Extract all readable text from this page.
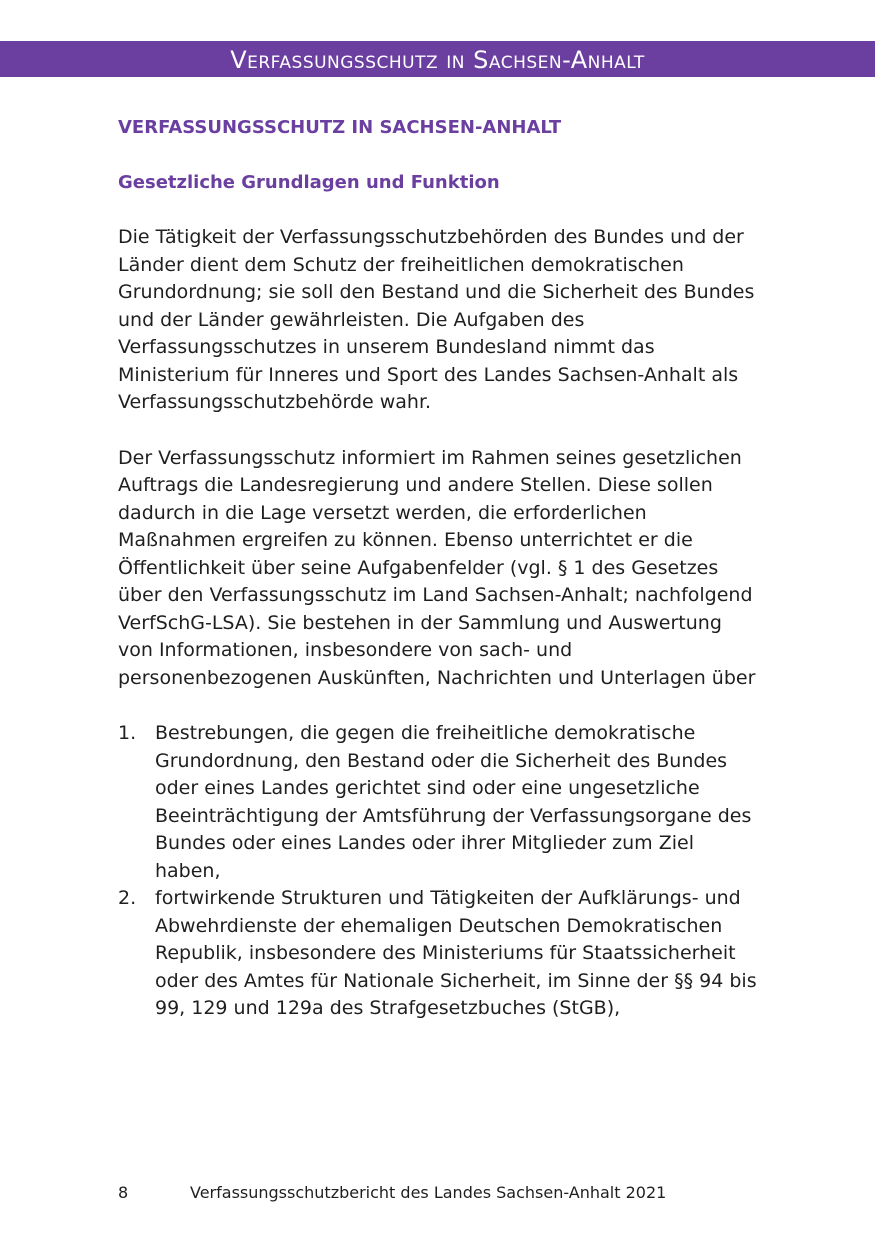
Verfassungsschutz in Sachsen-Anhalt
VERFASSUNGSSCHUTZ IN SACHSEN-ANHALT
Gesetzliche Grundlagen und Funktion

Die Tätigkeit der Verfassungsschutzbehörden des Bundes und der Länder dient dem Schutz der freiheitlichen demokratischen Grundordnung; sie soll den Bestand und die Sicherheit des Bundes und der Länder gewährleisten. Die Aufgaben des Verfassungsschutzes in unserem Bundesland nimmt das Ministerium für Inneres und Sport des Landes Sachsen-Anhalt als Verfassungsschutzbehörde wahr.

Der Verfassungsschutz informiert im Rahmen seines gesetzlichen Auftrags die Landesregierung und andere Stellen. Diese sollen dadurch in die Lage versetzt werden, die erforderlichen Maßnahmen ergreifen zu können. Ebenso unterrichtet er die Öffentlichkeit über seine Aufgabenfelder (vgl. § 1 des Gesetzes über den Verfassungsschutz im Land Sachsen-Anhalt; nachfolgend VerfSchG-LSA). Sie bestehen in der Sammlung und Auswertung von Informationen, insbesondere von sach- und personenbezogenen Auskünften, Nachrichten und Unterlagen über

1. Bestrebungen, die gegen die freiheitliche demokratische Grundordnung, den Bestand oder die Sicherheit des Bundes oder eines Landes gerichtet sind oder eine ungesetzliche Beeinträchtigung der Amtsführung der Verfassungsorgane des Bundes oder eines Landes oder ihrer Mitglieder zum Ziel haben,
2. fortwirkende Strukturen und Tätigkeiten der Aufklärungs- und Abwehrdienste der ehemaligen Deutschen Demokratischen Republik, insbesondere des Ministeriums für Staatssicherheit oder des Amtes für Nationale Sicherheit, im Sinne der §§ 94 bis 99, 129 und 129a des Strafgesetzbuches (StGB),
8	Verfassungsschutzbericht des Landes Sachsen-Anhalt 2021
